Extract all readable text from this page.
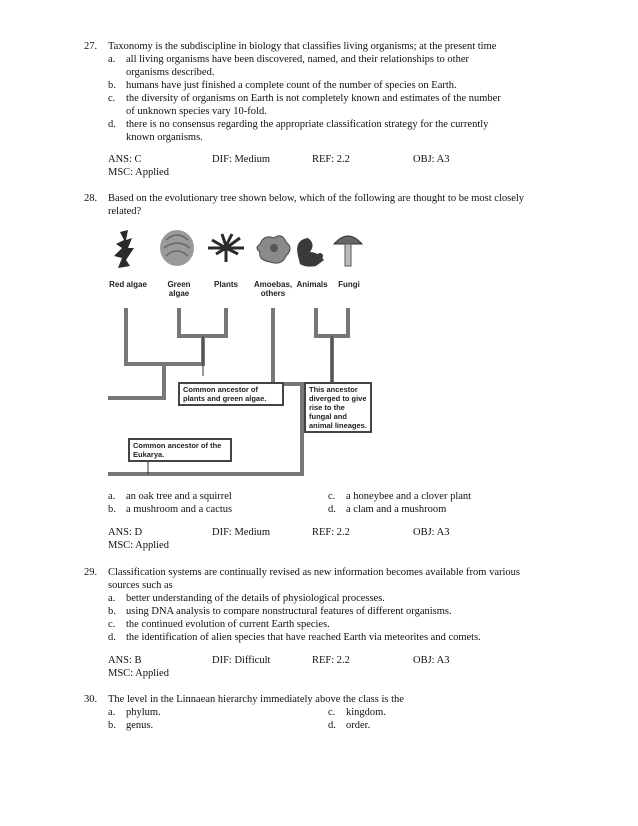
27. Taxonomy is the subdiscipline in biology that classifies living organisms; at the present time
a. all living organisms have been discovered, named, and their relationships to other
organisms described.
b. humans have just finished a complete count of the number of species on Earth.
c. the diversity of organisms on Earth is not completely known and estimates of the number
of unknown species vary 10-fold.
d. there is no consensus regarding the appropriate classification strategy for the currently
known organisms.
ANS: C	DIF: Medium	REF: 2.2	OBJ: A3
MSC: Applied
28. Based on the evolutionary tree shown below, which of the following are thought to be most closely
related?
Red algae	Green algae
Plants	Amoebas, others
Animals	Fungi
Common ancestor of plants and green algae.
This ancestor diverged to give rise to the fungal and animal lineages.
Common ancestor of the Eukarya.
a. an oak tree and a squirrel
b. a mushroom and a cactus
c. a honeybee and a clover plant
d. a clam and a mushroom
ANS: D	DIF: Medium	REF: 2.2	OBJ: A3
MSC: Applied
29. Classification systems are continually revised as new information becomes available from various
sources such as
a. better understanding of the details of physiological processes.
b. using DNA analysis to compare nonstructural features of different organisms.
c. the continued evolution of current Earth species.
d. the identification of alien species that have reached Earth via meteorites and comets.
ANS: B	DIF: Difficult	REF: 2.2	OBJ: A3
MSC: Applied
30. The level in the Linnaean hierarchy immediately above the class is the
a. phylum.
b. genus.
c. kingdom.
d. order.
